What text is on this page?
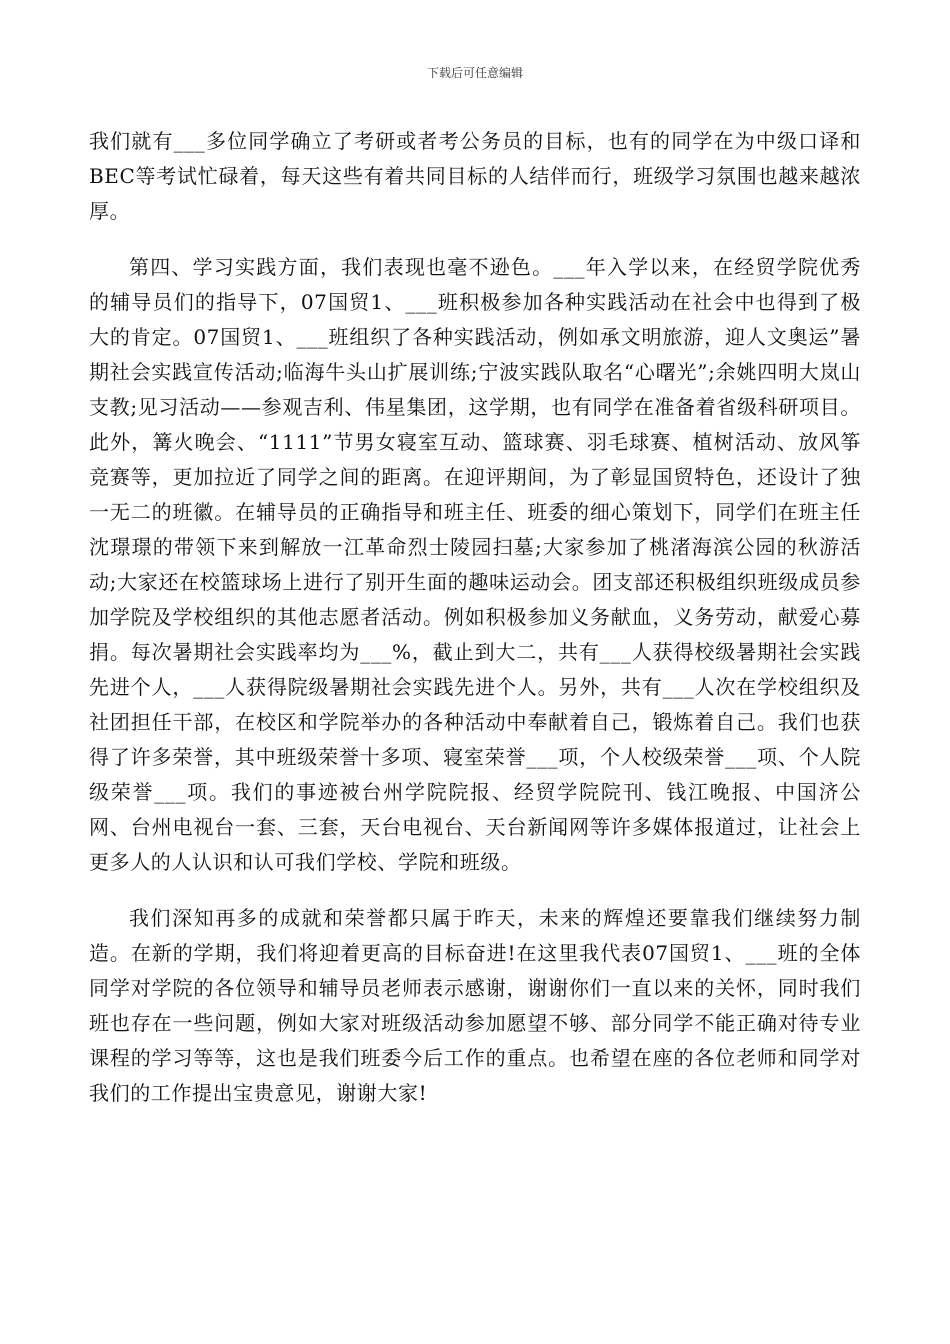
下载后可任意编辑

我们就有___多位同学确立了考研或者考公务员的目标，也有的同学在为中级口译和BEC等考试忙碌着，每天这些有着共同目标的人结伴而行，班级学习氛围也越来越浓厚。

第四、学习实践方面，我们表现也毫不逊色。___年入学以来，在经贸学院优秀的辅导员们的指导下，07国贸1、___班积极参加各种实践活动在社会中也得到了极大的肯定。07国贸1、___班组织了各种实践活动，例如承文明旅游，迎人文奥运”暑期社会实践宣传活动;临海牛头山扩展训练;宁波实践队取名“心曙光”;余姚四明大岚山支教;见习活动——参观吉利、伟星集团，这学期，也有同学在准备着省级科研项目。此外，篝火晚会、“1111”节男女寝室互动、篮球赛、羽毛球赛、植树活动、放风筝竞赛等，更加拉近了同学之间的距离。在迎评期间，为了彰显国贸特色，还设计了独一无二的班徽。在辅导员的正确指导和班主任、班委的细心策划下，同学们在班主任沈璟璟的带领下来到解放一江革命烈士陵园扫墓;大家参加了桃渚海滨公园的秋游活动;大家还在校篮球场上进行了别开生面的趣味运动会。团支部还积极组织班级成员参加学院及学校组织的其他志愿者活动。例如积极参加义务献血，义务劳动，献爱心募捐。每次暑期社会实践率均为___%，截止到大二，共有___人获得校级暑期社会实践先进个人，___人获得院级暑期社会实践先进个人。另外，共有___人次在学校组织及社团担任干部，在校区和学院举办的各种活动中奉献着自己，锻炼着自己。我们也获得了许多荣誉，其中班级荣誉十多项、寝室荣誉___项，个人校级荣誉___项、个人院级荣誉___项。我们的事迹被台州学院院报、经贸学院院刊、钱江晚报、中国济公网、台州电视台一套、三套，天台电视台、天台新闻网等许多媒体报道过，让社会上更多人的人认识和认可我们学校、学院和班级。

我们深知再多的成就和荣誉都只属于昨天，未来的辉煌还要靠我们继续努力制造。在新的学期，我们将迎着更高的目标奋进!在这里我代表07国贸1、___班的全体同学对学院的各位领导和辅导员老师表示感谢，谢谢你们一直以来的关怀，同时我们班也存在一些问题，例如大家对班级活动参加愿望不够、部分同学不能正确对待专业课程的学习等等，这也是我们班委今后工作的重点。也希望在座的各位老师和同学对我们的工作提出宝贵意见，谢谢大家!
